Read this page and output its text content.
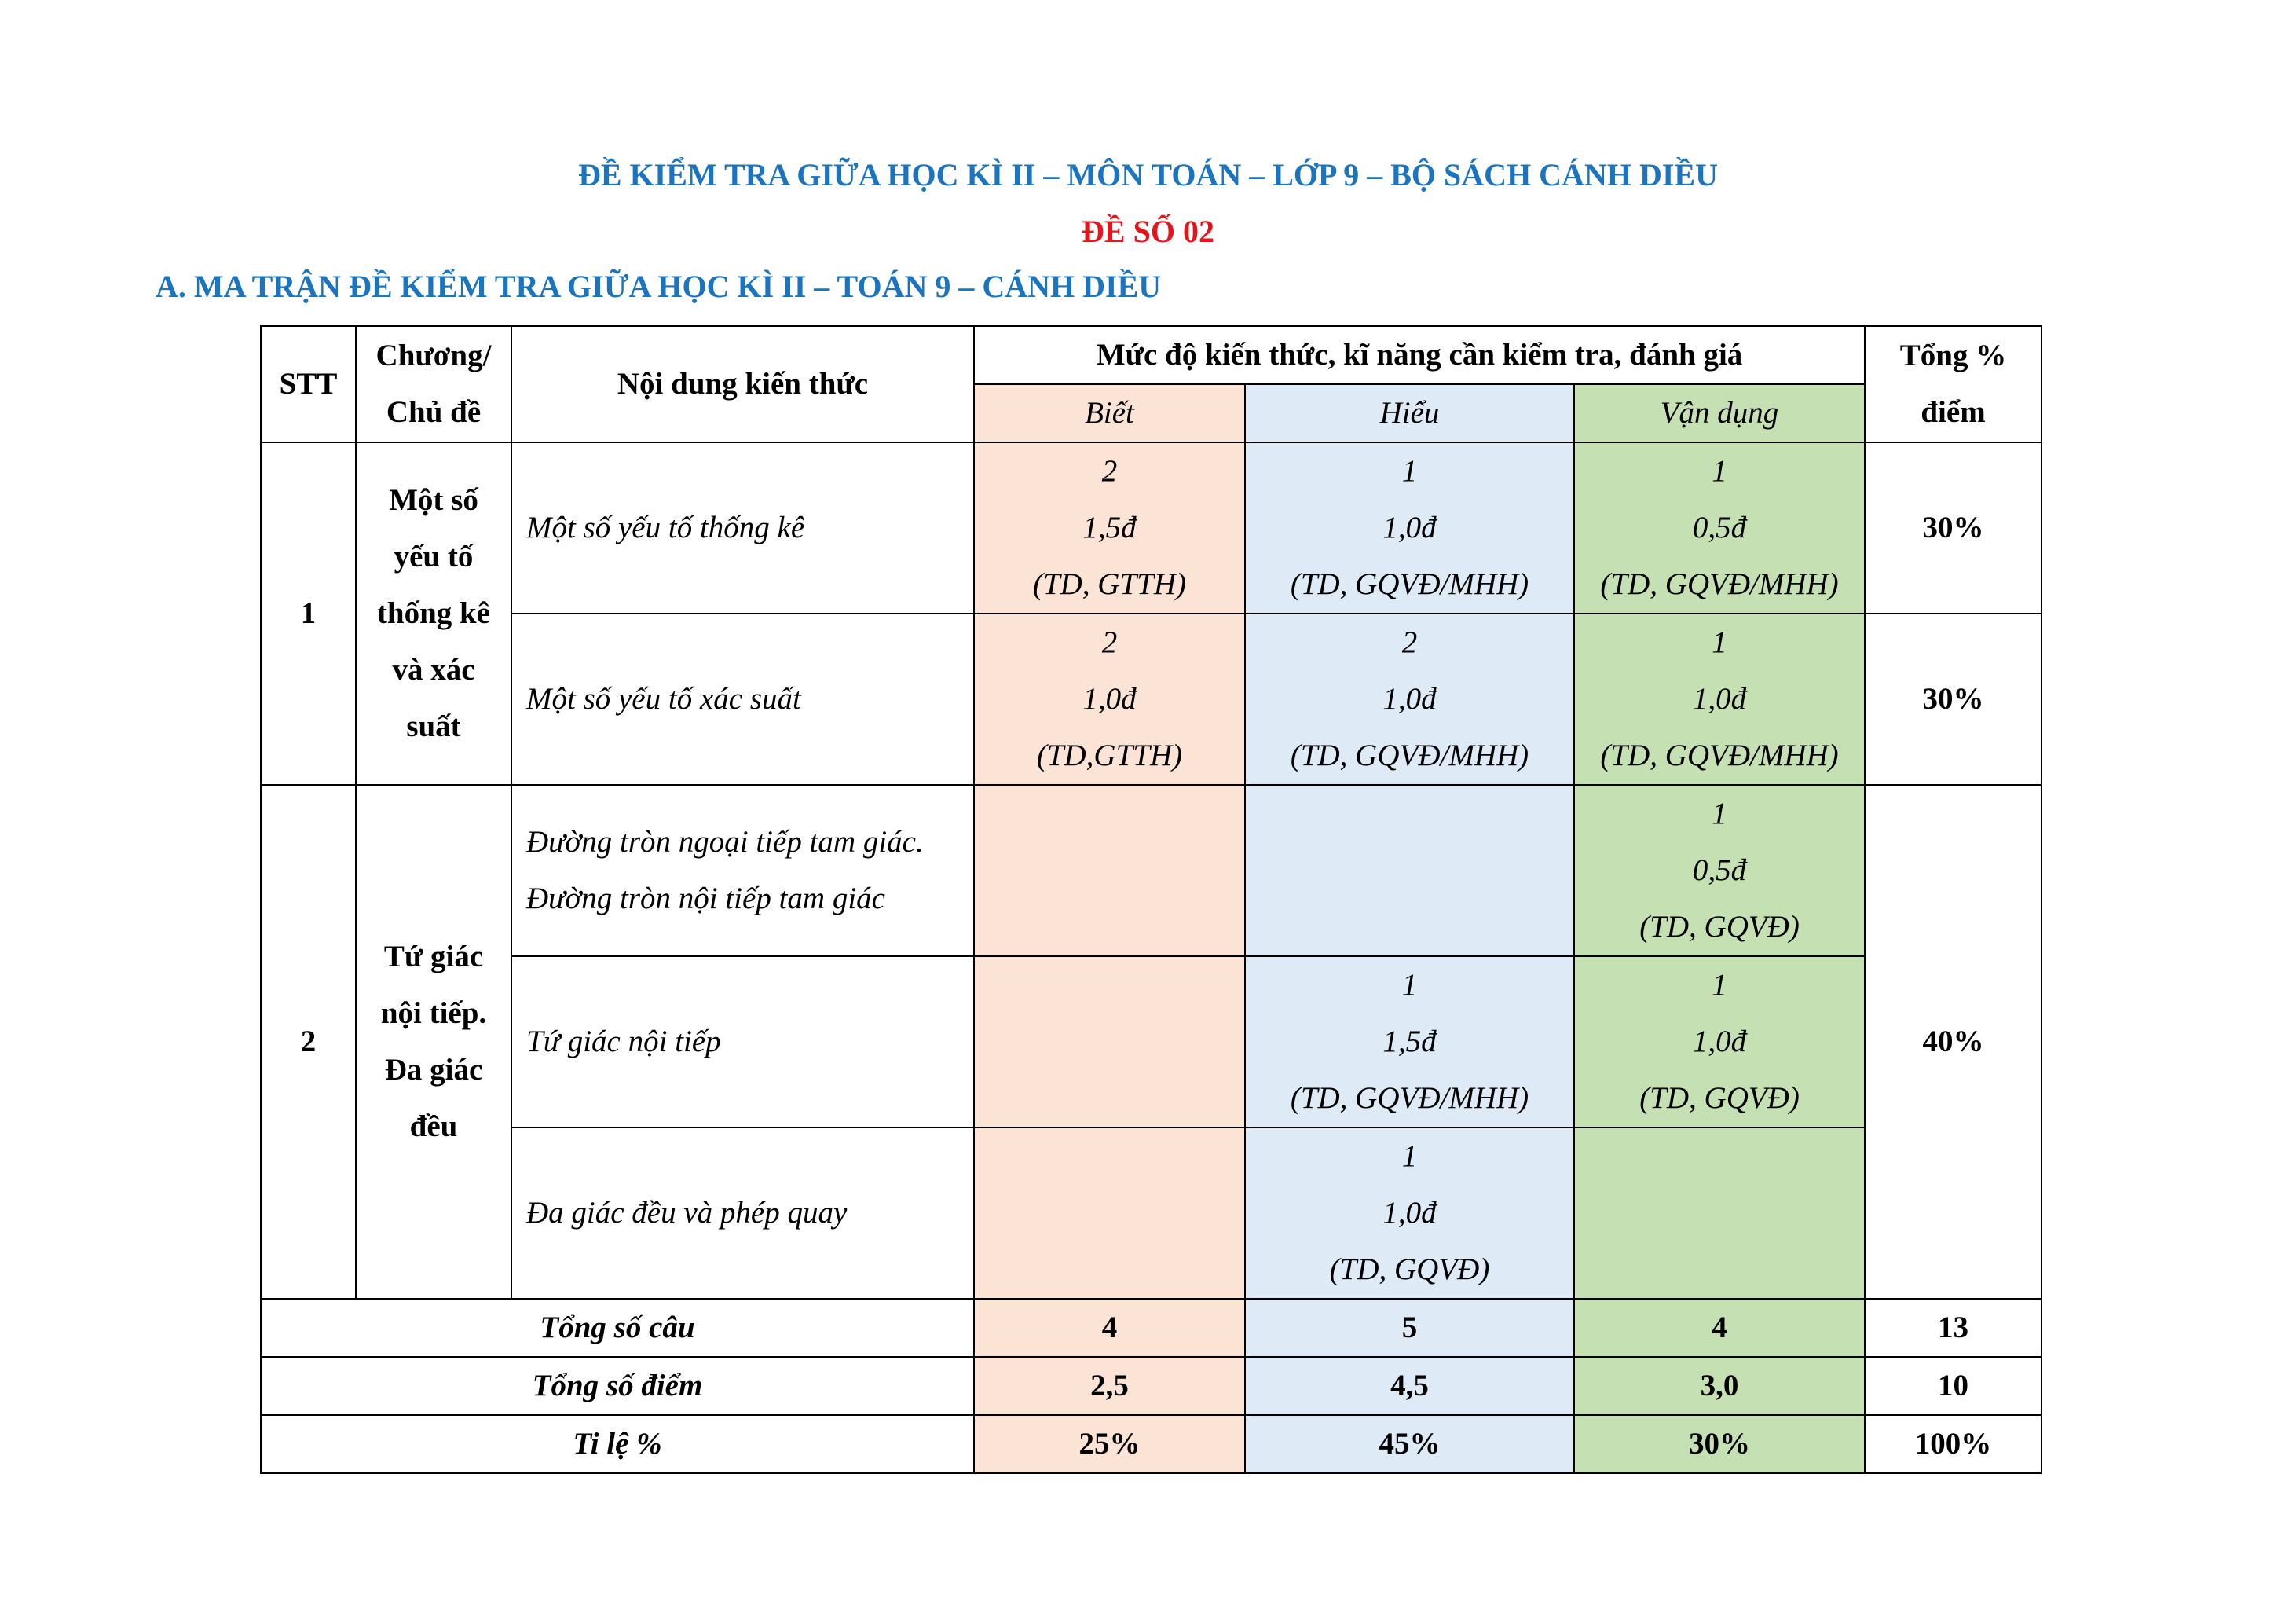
ĐỀ KIỂM TRA GIỮA HỌC KÌ II – MÔN TOÁN – LỚP 9 – BỘ SÁCH CÁNH DIỀU
ĐỀ SỐ 02
A. MA TRẬN ĐỀ KIỂM TRA GIỮA HỌC KÌ II – TOÁN 9 – CÁNH DIỀU
STT	Chương/
Chủ đề	Nội dung kiến thức	Mức độ kiến thức, kĩ năng cần kiểm tra, đánh giá			Tổng %
điểm

			Biết	Hiểu	Vận dụng	
1	Một số
yếu tố
thống kê
và xác
suất	Một số yếu tố thống kê	2
1,5đ
(TD, GTTH)	1
1,0đ
(TD, GQVĐ/MHH)	1
0,5đ
(TD, GQVĐ/MHH)	30%

		Một số yếu tố xác suất	2
1,0đ
(TD,GTTH)	2
1,0đ
(TD, GQVĐ/MHH)	1
1,0đ
(TD, GQVĐ/MHH)	30%
2	Tứ giác
nội tiếp.
Đa giác
đều	Đường tròn ngoại tiếp tam giác.
Đường tròn nội tiếp tam giác			1
0,5đ
(TD, GQVĐ)	40%

		Tứ giác nội tiếp		1
1,5đ
(TD, GQVĐ/MHH)	1
1,0đ
(TD, GQVĐ)	

		Đa giác đều và phép quay		1
1,0đ
(TD, GQVĐ)		

Tổng số câu			4	5	4	13
Tổng số điểm			2,5	4,5	3,0	10
Ti lệ %			25%	45%	30%	100%
